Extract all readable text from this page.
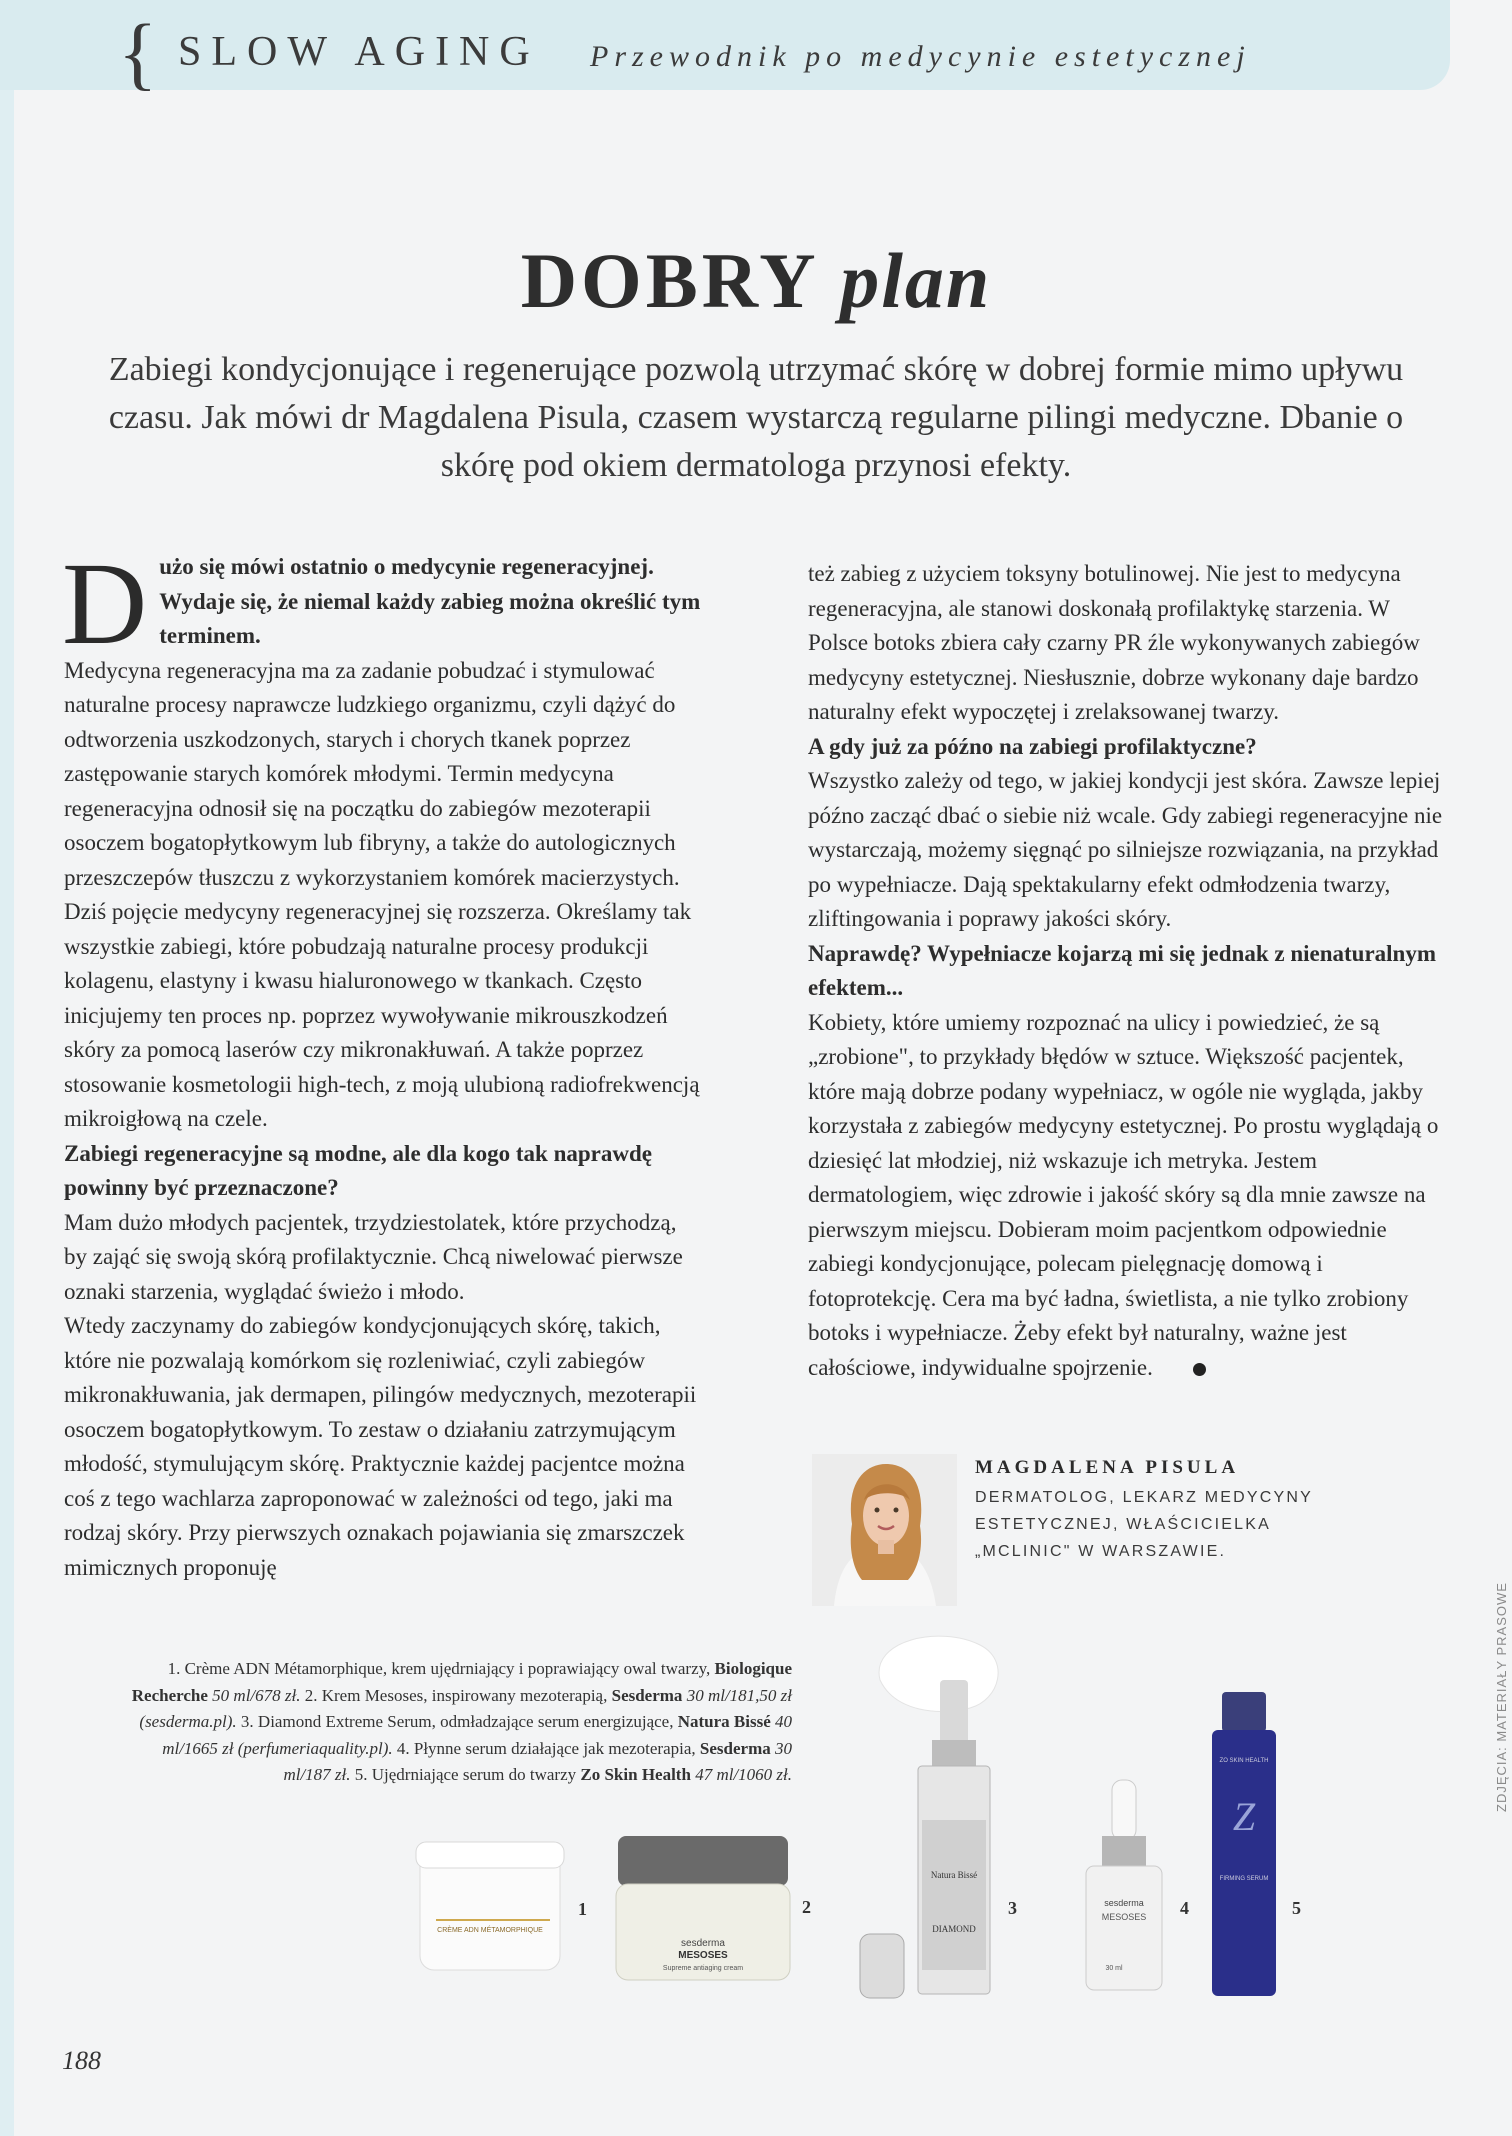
{ SLOW AGING Przewodnik po medycynie estetycznej
DOBRY plan
Zabiegi kondycjonujące i regenerujące pozwolą utrzymać skórę w dobrej formie mimo upływu czasu. Jak mówi dr Magdalena Pisula, czasem wystarczą regularne pilingi medyczne. Dbanie o skórę pod okiem dermatologa przynosi efekty.

D użo się mówi ostatnio o medycynie regeneracyjnej. Wydaje się, że niemal każdy zabieg można określić tym terminem.

Medycyna regeneracyjna ma za zadanie pobudzać i stymulować naturalne procesy naprawcze ludzkiego organizmu, czyli dążyć do odtworzenia uszkodzonych, starych i chorych tkanek poprzez zastępowanie starych komórek młodymi. Termin medycyna regeneracyjna odnosił się na początku do zabiegów mezoterapii osoczem bogatopłytkowym lub fibryny, a także do autologicznych przeszczepów tłuszczu z wykorzystaniem komórek macierzystych. Dziś pojęcie medycyny regeneracyjnej się rozszerza. Określamy tak wszystkie zabiegi, które pobudzają naturalne procesy produkcji kolagenu, elastyny i kwasu hialuronowego w tkankach. Często inicjujemy ten proces np. poprzez wywoływanie mikrouszkodzeń skóry za pomocą laserów czy mikronakłuwań. A także poprzez stosowanie kosmetologii high-tech, z moją ulubioną radiofrekwencją mikroigłową na czele.

Zabiegi regeneracyjne są modne, ale dla kogo tak naprawdę powinny być przeznaczone?

Mam dużo młodych pacjentek, trzydziestolatek, które przychodzą, by zająć się swoją skórą profilaktycznie. Chcą niwelować pierwsze oznaki starzenia, wyglądać świeżo i młodo.

Wtedy zaczynamy do zabiegów kondycjonujących skórę, takich, które nie pozwalają komórkom się rozleniwiać, czyli zabiegów mikronakłuwania, jak dermapen, pilingów medycznych, mezoterapii osoczem bogatopłytkowym. To zestaw o działaniu zatrzymującym młodość, stymulującym skórę. Praktycznie każdej pacjentce można coś z tego wachlarza zaproponować w zależności od tego, jaki ma rodzaj skóry. Przy pierwszych oznakach pojawiania się zmarszczek mimicznych proponuję

też zabieg z użyciem toksyny botulinowej. Nie jest to medycyna regeneracyjna, ale stanowi doskonałą profilaktykę starzenia. W Polsce botoks zbiera cały czarny PR źle wykonywanych zabiegów medycyny estetycznej. Niesłusznie, dobrze wykonany daje bardzo naturalny efekt wypoczętej i zrelaksowanej twarzy.

A gdy już za późno na zabiegi profilaktyczne?

Wszystko zależy od tego, w jakiej kondycji jest skóra. Zawsze lepiej późno zacząć dbać o siebie niż wcale. Gdy zabiegi regeneracyjne nie wystarczają, możemy sięgnąć po silniejsze rozwiązania, na przykład po wypełniacze. Dają spektakularny efekt odmłodzenia twarzy, zliftingowania i poprawy jakości skóry.

Naprawdę? Wypełniacze kojarzą mi się jednak z nienaturalnym efektem...

Kobiety, które umiemy rozpoznać na ulicy i powiedzieć, że są „zrobione", to przykłady błędów w sztuce. Większość pacjentek, które mają dobrze podany wypełniacz, w ogóle nie wygląda, jakby korzystała z zabiegów medycyny estetycznej. Po prostu wyglądają o dziesięć lat młodziej, niż wskazuje ich metryka. Jestem dermatologiem, więc zdrowie i jakość skóry są dla mnie zawsze na pierwszym miejscu. Dobieram moim pacjentkom odpowiednie zabiegi kondycjonujące, polecam pielęgnację domową i fotoprotekcję. Cera ma być ładna, świetlista, a nie tylko zrobiony botoks i wypełniacze. Żeby efekt był naturalny, ważne jest całościowe, indywidualne spojrzenie.

MAGDALENA PISULA
DERMATOLOG, LEKARZ MEDYCYNY ESTETYCZNEJ, WŁAŚCICIELKA „MCLINIC" W WARSZAWIE.
1. Crème ADN Métamorphique, krem ujędrniający i poprawiający owal twarzy, Biologique Recherche 50 ml/678 zł. 2. Krem Mesoses, inspirowany mezoterapią, Sesderma 30 ml/181,50 zł (sesderma.pl). 3. Diamond Extreme Serum, odmładzające serum energizujące, Natura Bissé 40 ml/1665 zł (perfumeriaquality.pl). 4. Płynne serum działające jak mezoterapia, Sesderma 30 ml/187 zł. 5. Ujędrniające serum do twarzy Zo Skin Health 47 ml/1060 zł.
CRÈME ADN MÉTAMORPHIQUE
1
sesderma
MESOSES
Supreme antiaging cream
2
Natura Bissé
DIAMOND
3	sesderma
MESOSES
30 ml
4
ZO SKIN HEALTH
Z
FIRMING SERUM
5
ZDJĘCIA: MATERIAŁY PRASOWE
188
